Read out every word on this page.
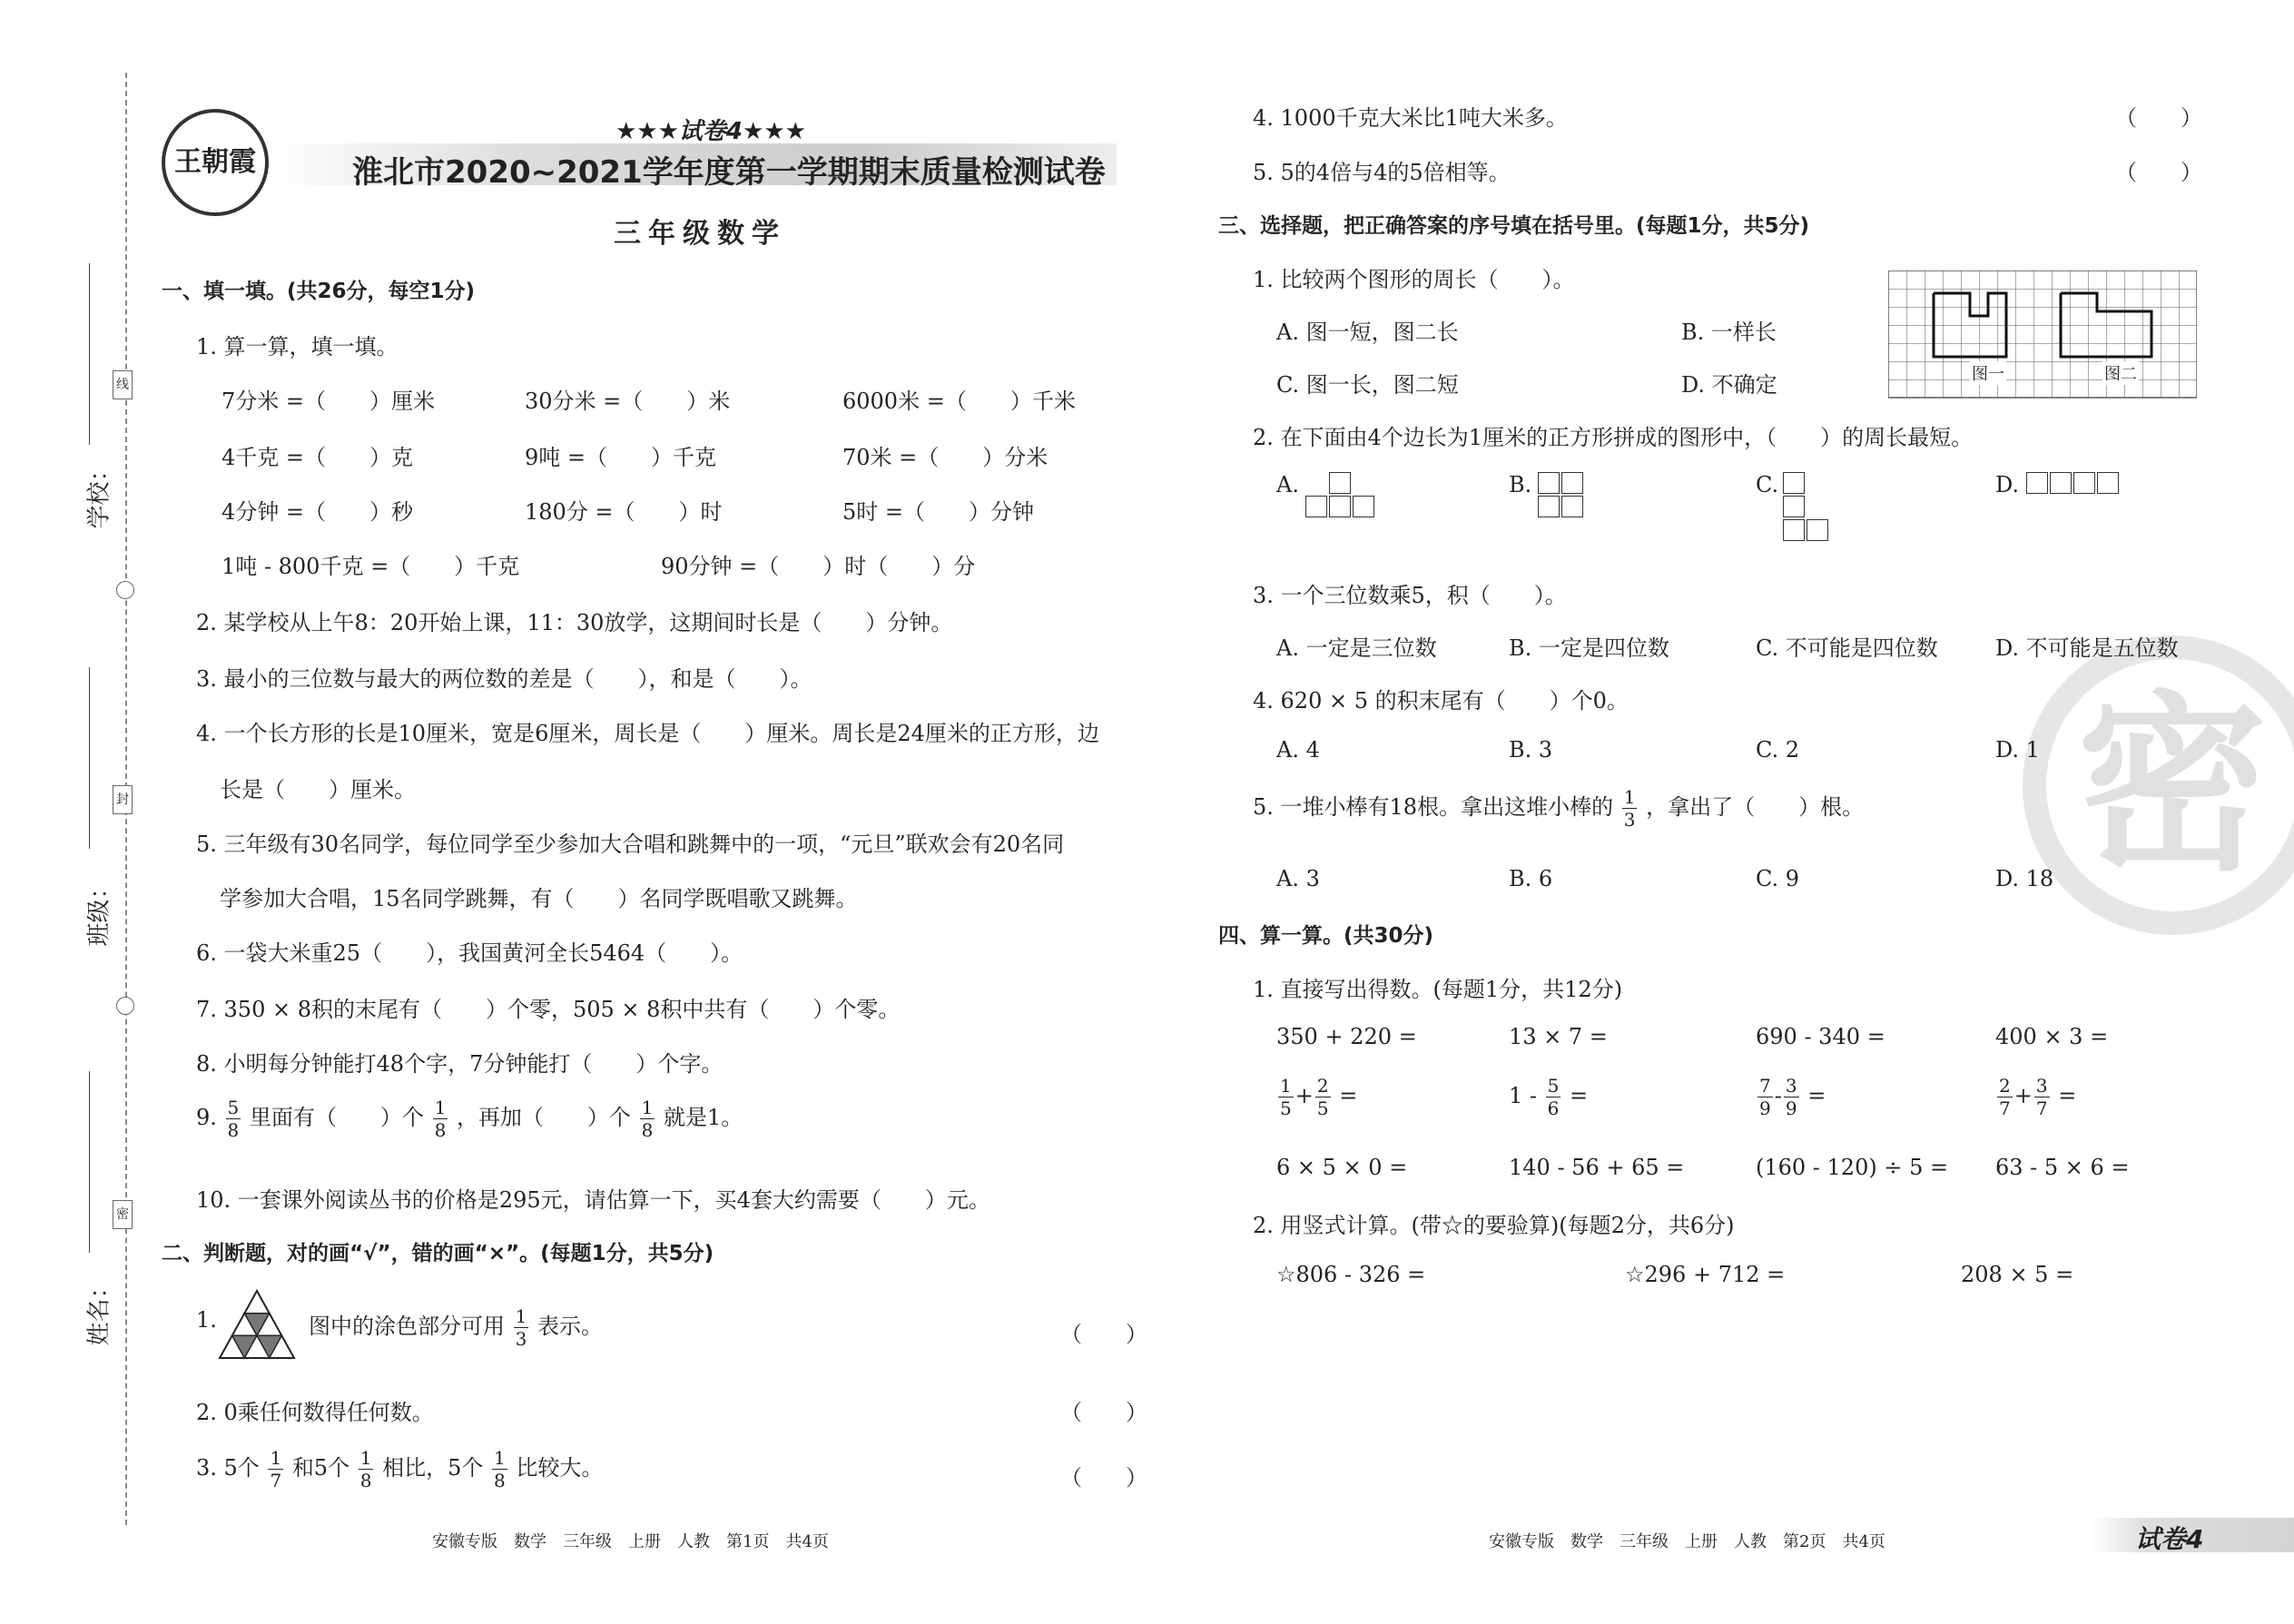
学校：
班级：
姓名：
线
封
密
王朝霞
★★★试卷4★★★
淮北市2020~2021学年度第一学期期末质量检测试卷
三年级数学
一、填一填。(共26分，每空1分)
1. 算一算，填一填。
7分米 =（　　）厘米	30分米 =（　　）米	6000米 =（　　）千米
4千克 =（　　）克	9吨 =（　　）千克	70米 =（　　）分米
4分钟 =（　　）秒	180分 =（　　）时	5时 =（　　）分钟
1吨 - 800千克 =（　　）千克	90分钟 =（　　）时（　　）分
2. 某学校从上午8：20开始上课，11：30放学，这期间时长是（　　）分钟。
3. 最小的三位数与最大的两位数的差是（　　），和是（　　）。
4. 一个长方形的长是10厘米，宽是6厘米，周长是（　　）厘米。周长是24厘米的正方形，边
长是（　　）厘米。
5. 三年级有30名同学，每位同学至少参加大合唱和跳舞中的一项，“元旦”联欢会有20名同
学参加大合唱，15名同学跳舞，有（　　）名同学既唱歌又跳舞。
6. 一袋大米重25（　　），我国黄河全长5464（　　）。
7. 350 × 8积的末尾有（　　）个零，505 × 8积中共有（　　）个零。
8. 小明每分钟能打48个字，7分钟能打（　　）个字。
9. $\frac{5}{8}$ 里面有（　　）个 $\frac{1}{8}$ ，再加（　　）个 $\frac{1}{8}$ 就是1。
10. 一套课外阅读丛书的价格是295元，请估算一下，买4套大约需要（　　）元。
二、判断题，对的画“√”，错的画“×”。(每题1分，共5分)
1.	图中的涂色部分可用 $\frac{1}{3}$ 表示。	（　　）
2. 0乘任何数得任何数。	（　　）
3. 5个 $\frac{1}{7}$ 和5个 $\frac{1}{8}$ 相比，5个 $\frac{1}{8}$ 比较大。	（　　）
4. 1000千克大米比1吨大米多。	（　　）
5. 5的4倍与4的5倍相等。	（　　）
密
三、选择题，把正确答案的序号填在括号里。(每题1分，共5分)
1. 比较两个图形的周长（　　）。
A. 图一短，图二长	B. 一样长
C. 图一长，图二短	D. 不确定	图一	图二
2. 在下面由4个边长为1厘米的正方形拼成的图形中，（　　）的周长最短。
A.	B.	C.	D.
3. 一个三位数乘5，积（　　）。
A. 一定是三位数	B. 一定是四位数	C. 不可能是四位数	D. 不可能是五位数
4. 620 × 5 的积末尾有（　　）个0。
A. 4	B. 3	C. 2	D. 1
5. 一堆小棒有18根。拿出这堆小棒的 $\frac{1}{3}$ ，拿出了（　　）根。
A. 3	B. 6	C. 9	D. 18
四、算一算。(共30分)
1. 直接写出得数。(每题1分，共12分)
350 + 220 =	13 × 7 =	690 - 340 =	400 × 3 =
$\frac{1}{5} + \frac{2}{5}$ =	$1 - \frac{5}{6}$ =	$\frac{7}{9} - \frac{3}{9}$ =	$\frac{2}{7} + \frac{3}{7}$ =
6 × 5 × 0 =	140 - 56 + 65 =	(160 - 120) ÷ 5 = 63 - 5 × 6 =
2. 用竖式计算。(带☆的要验算)(每题2分，共6分)
☆806 - 326 =	☆296 + 712 =	208 × 5 =
安徽专版　数学　三年级　上册　人教　第1页　共4页	安徽专版　数学　三年级　上册　人教　第2页　共4页	试卷4
